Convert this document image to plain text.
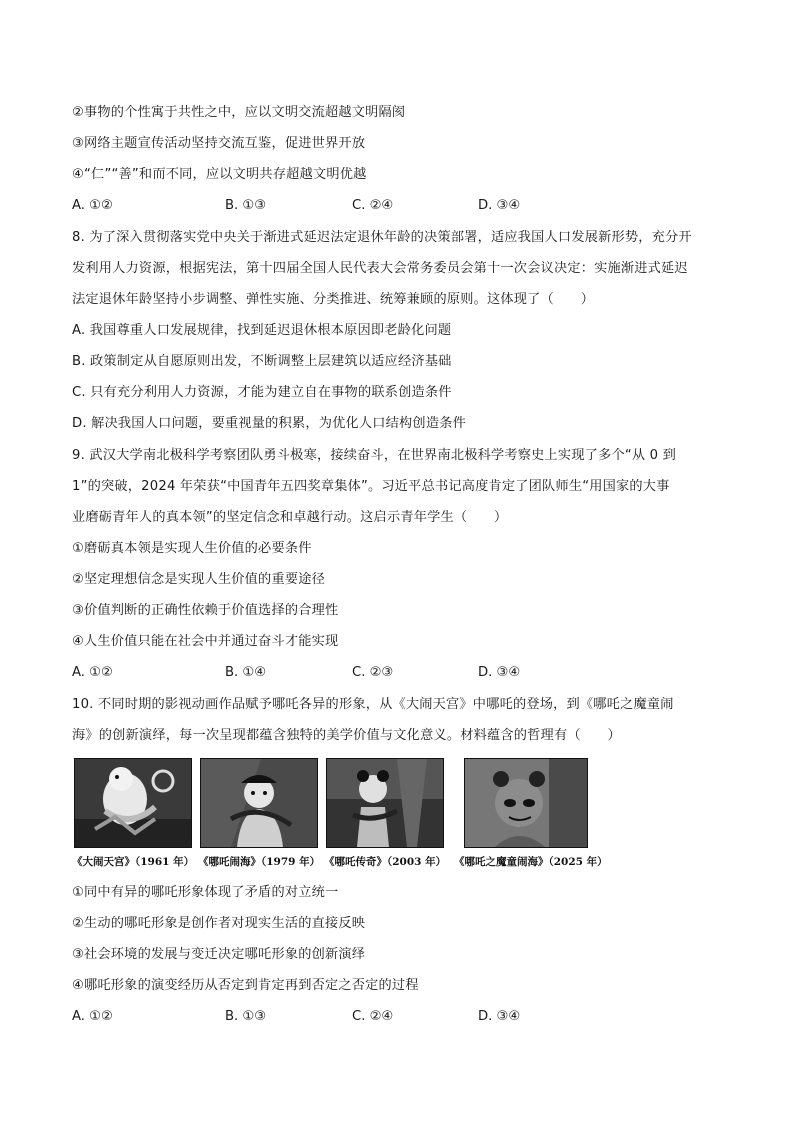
②事物的个性寓于共性之中，应以文明交流超越文明隔阂
③网络主题宣传活动坚持交流互鉴，促进世界开放
④“仁”“善”和而不同，应以文明共存超越文明优越
A. ①②	B. ①③	C. ②④	D. ③④
8. 为了深入贯彻落实党中央关于渐进式延迟法定退休年龄的决策部署，适应我国人口发展新形势，充分开
发利用人力资源，根据宪法，第十四届全国人民代表大会常务委员会第十一次会议决定：实施渐进式延迟
法定退休年龄坚持小步调整、弹性实施、分类推进、统筹兼顾的原则。这体现了（　　）
A. 我国尊重人口发展规律，找到延迟退休根本原因即老龄化问题
B. 政策制定从自愿原则出发，不断调整上层建筑以适应经济基础
C. 只有充分利用人力资源，才能为建立自在事物的联系创造条件
D. 解决我国人口问题，要重视量的积累，为优化人口结构创造条件
9. 武汉大学南北极科学考察团队勇斗极寒，接续奋斗，在世界南北极科学考察史上实现了多个“从 0 到
1”的突破，2024 年荣获“中国青年五四奖章集体”。习近平总书记高度肯定了团队师生“用国家的大事
业磨砺青年人的真本领”的坚定信念和卓越行动。这启示青年学生（　　）
①磨砺真本领是实现人生价值的必要条件
②坚定理想信念是实现人生价值的重要途径
③价值判断的正确性依赖于价值选择的合理性
④人生价值只能在社会中并通过奋斗才能实现
A. ①②	B. ①④	C. ②③	D. ③④
10. 不同时期的影视动画作品赋予哪吒各异的形象，从《大闹天宫》中哪吒的登场，到《哪吒之魔童闹
海》的创新演绎，每一次呈现都蕴含独特的美学价值与文化意义。材料蕴含的哲理有（　　）
《大闹天宫》（1961 年） 《哪吒闹海》（1979 年） 《哪吒传奇》（2003 年） 《哪吒之魔童闹海》（2025 年）
①同中有异的哪吒形象体现了矛盾的对立统一
②生动的哪吒形象是创作者对现实生活的直接反映
③社会环境的发展与变迁决定哪吒形象的创新演绎
④哪吒形象的演变经历从否定到肯定再到否定之否定的过程
A. ①②	B. ①③	C. ②④	D. ③④
